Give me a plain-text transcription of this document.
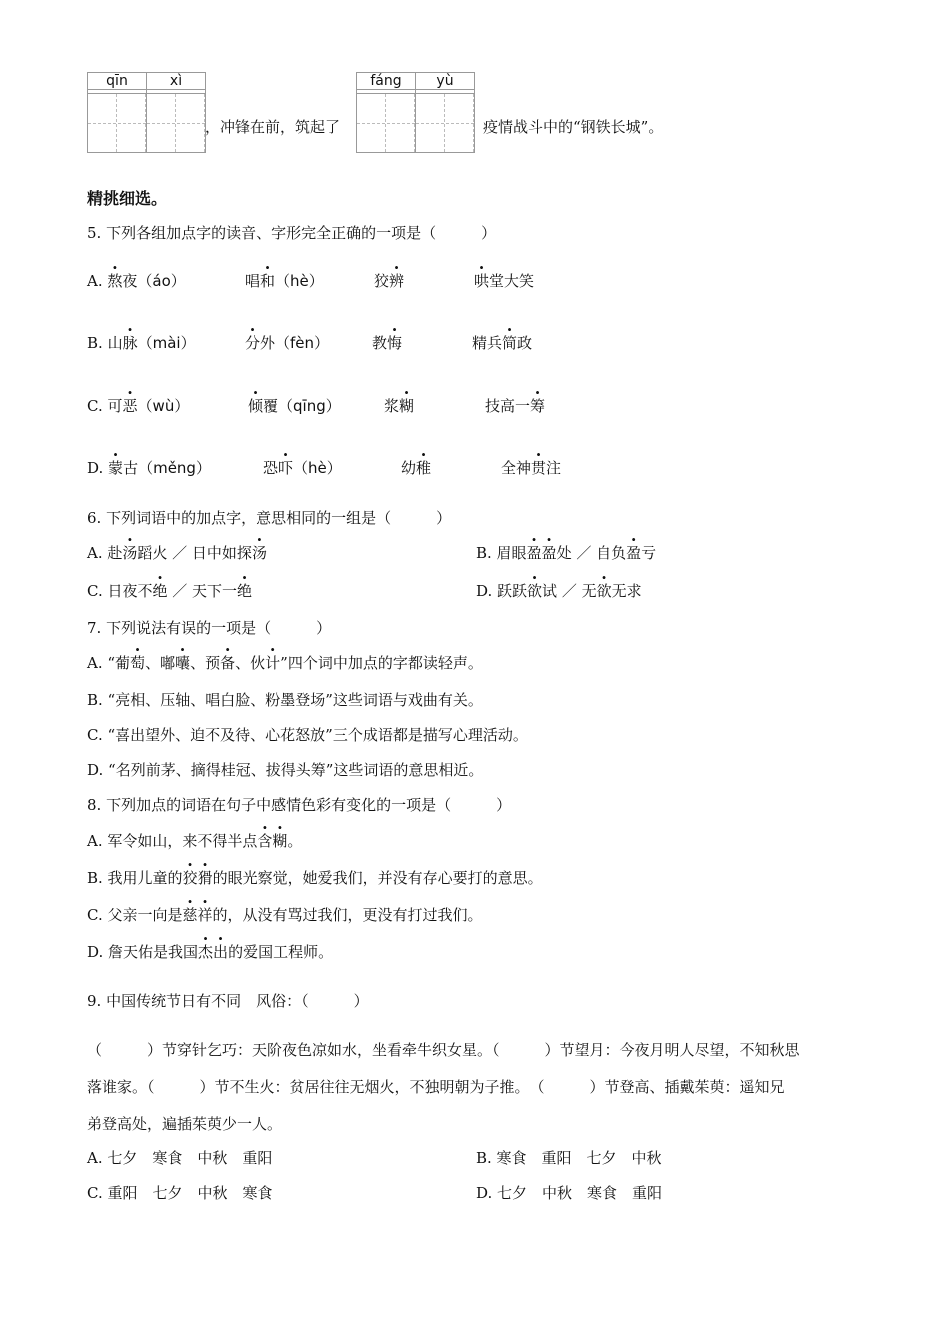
qīn	xì
，冲锋在前，筑起了
fáng	yù
疫情战斗中的“钢铁长城”。
精挑细选。
5. 下列各组加点字的读音、字形完全正确的一项是（　　　）
A. 熬夜（áo）	唱和（hè）	狡辨	哄堂大笑
B. 山脉（mài）	分外（fèn）	教悔	精兵简政
C. 可恶（wù）	倾覆（qīng）	浆糊	技高一筹
D. 蒙古（měng）	恐吓（hè）	幼稚	全神贯注
6. 下列词语中的加点字，意思相同的一组是（　　　）
A. 赴汤蹈火 ／ 日中如探汤	B. 眉眼盈盈处 ／ 自负盈亏
C. 日夜不绝 ／ 天下一绝	D. 跃跃欲试 ／ 无欲无求
7. 下列说法有误的一项是（　　　）
A. “葡萄、嘟囔、预备、伙计”四个词中加点的字都读轻声。
B. “亮相、压轴、唱白脸、粉墨登场”这些词语与戏曲有关。
C. “喜出望外、迫不及待、心花怒放”三个成语都是描写心理活动。
D. “名列前茅、摘得桂冠、拔得头筹”这些词语的意思相近。
8. 下列加点的词语在句子中感情色彩有变化的一项是（　　　）
A. 军令如山，来不得半点含糊。
B. 我用儿童的狡猾的眼光察觉，她爱我们，并没有存心要打的意思。
C. 父亲一向是慈祥的，从没有骂过我们，更没有打过我们。
D. 詹天佑是我国杰出的爱国工程师。
9. 中国传统节日有不同　风俗：（　　　）
（　　　）节穿针乞巧：天阶夜色凉如水，坐看牵牛织女星。（　　　）节望月：今夜月明人尽望，不知秋思
落谁家。（　　　）节不生火：贫居往往无烟火，不独明朝为子推。　（　　　）节登高、插戴茱萸：遥知兄
弟登高处，遍插茱萸少一人。
A. 七夕　寒食　中秋　重阳	B. 寒食　重阳　七夕　中秋
C. 重阳　七夕　中秋　寒食	D. 七夕　中秋　寒食　重阳
